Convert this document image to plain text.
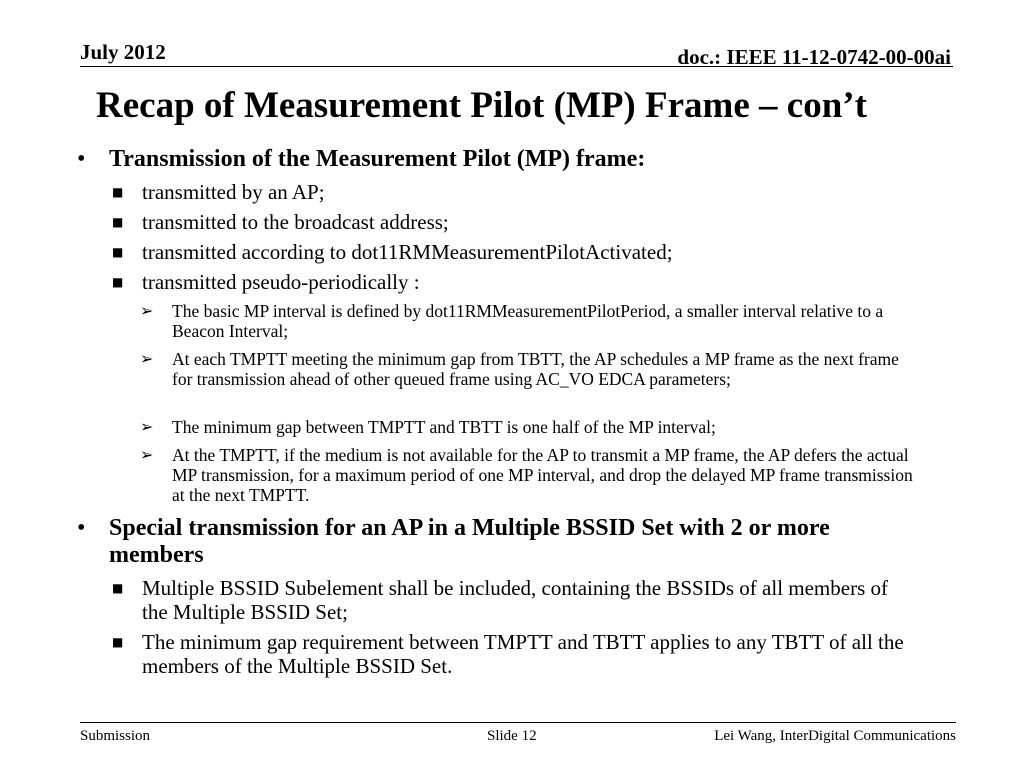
July 2012	doc.: IEEE 11-12-0742-00-00ai
Recap of Measurement Pilot (MP) Frame – con’t
• Transmission of the Measurement Pilot (MP) frame:
■ transmitted by an AP;
■ transmitted to the broadcast address;
■ transmitted according to dot11RMMeasurementPilotActivated;
■ transmitted pseudo-periodically :
➢ The basic MP interval is defined by dot11RMMeasurementPilotPeriod, a smaller interval relative to a Beacon Interval;
➢ At each TMPTT meeting the minimum gap from TBTT, the AP schedules a MP frame as the next frame for transmission ahead of other queued frame using AC_VO EDCA parameters;
➢ The minimum gap between TMPTT and TBTT is one half of the MP interval;
➢ At the TMPTT, if the medium is not available for the AP to transmit a MP frame, the AP defers the actual MP transmission, for a maximum period of one MP interval, and drop the delayed MP frame transmission at the next TMPTT.
• Special transmission for an AP in a Multiple BSSID Set with 2 or more members
■ Multiple BSSID Subelement shall be included, containing the BSSIDs of all members of the Multiple BSSID Set;
■ The minimum gap requirement between TMPTT and TBTT applies to any TBTT of all the members of the Multiple BSSID Set.
Submission	Slide 12	Lei Wang, InterDigital Communications
